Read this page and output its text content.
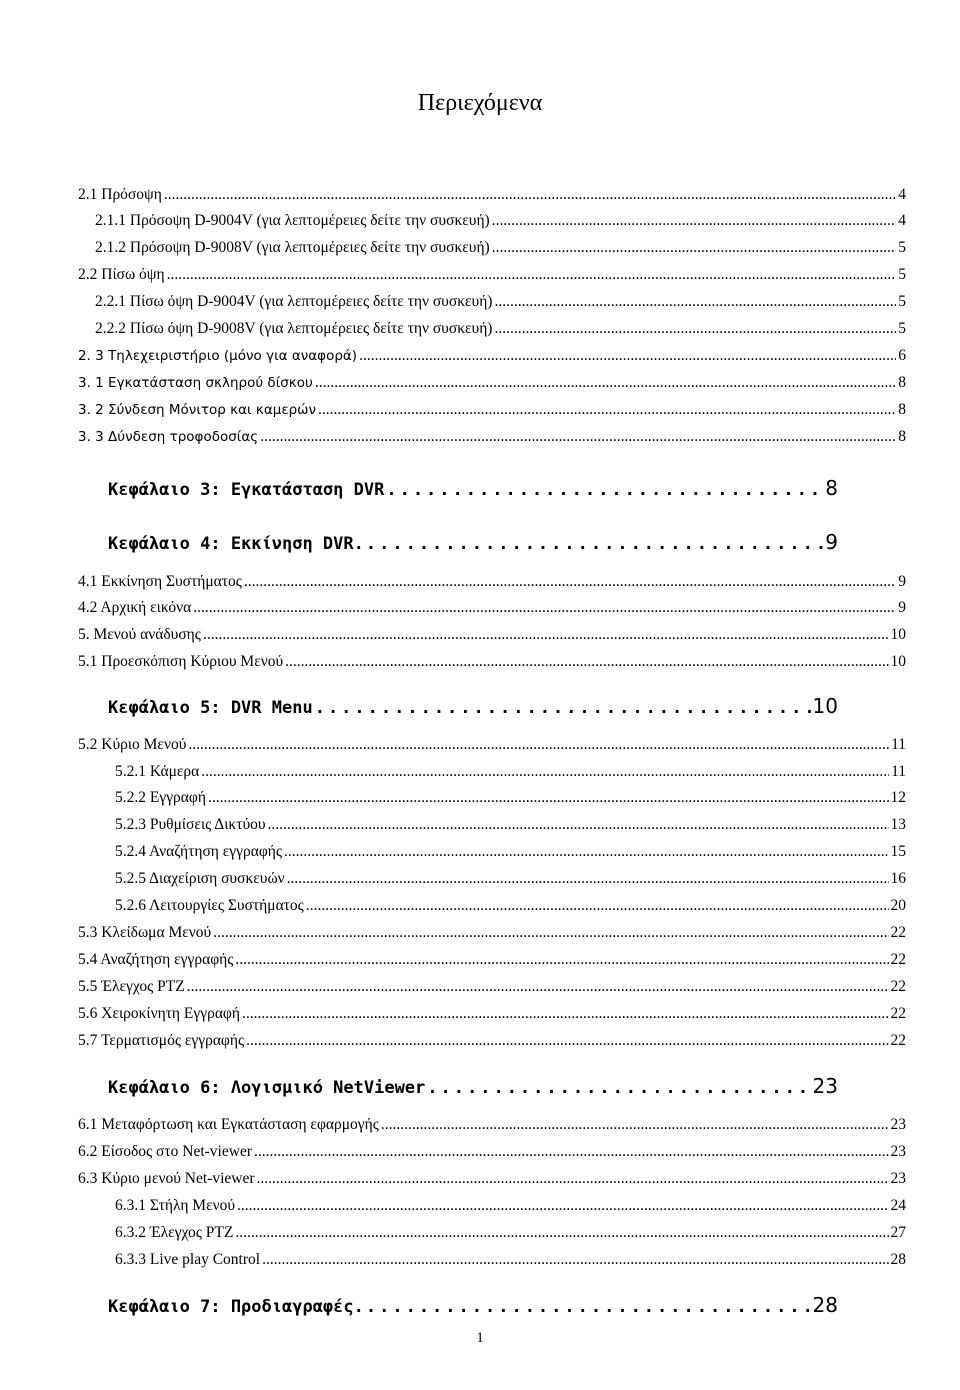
Περιεχόμενα
2.1 Πρόσοψη .....	4
2.1.1 Πρόσοψη D-9004V (για λεπτομέρειες δείτε την συσκευή) .....	4
2.1.2 Πρόσοψη D-9008V (για λεπτομέρειες δείτε την συσκευή) .....	5
2.2 Πίσω όψη .....	5
2.2.1 Πίσω όψη D-9004V (για λεπτομέρειες δείτε την συσκευή) .....	5
2.2.2 Πίσω όψη D-9008V (για λεπτομέρειες δείτε την συσκευή) .....	5
2. 3 Τηλεχειριστήριο (μόνο για αναφορά) .....	6
3. 1 Εγκατάσταση σκληρού δίσκου .....	8
3. 2 Σύνδεση Μόνιτορ και καμερών .....	8
3. 3 Δύνδεση τροφοδοσίας .....	8
Κεφάλαιο 3: Εγκατάσταση DVR .....	8
Κεφάλαιο 4: Εκκίνηση DVR. .....	9
4.1 Εκκίνηση Συστήματος .....	9
4.2 Αρχική εικόνα .....	9
5. Μενού ανάδυσης .....	10
5.1 Προεσκόπιση Κύριου Μενού .....	10
Κεφάλαιο 5: DVR Menu .....	10
5.2 Κύριο Μενού .....	11
5.2.1 Κάμερα .....	11
5.2.2 Εγγραφή .....	12
5.2.3 Ρυθμίσεις Δικτύου .....	13
5.2.4 Αναζήτηση εγγραφής .....	15
5.2.5 Διαχείριση συσκευών .....	16
5.2.6 Λειτουργίες Συστήματος .....	20
5.3 Κλείδωμα Μενού .....	22
5.4 Αναζήτηση εγγραφής .....	22
5.5 Έλεγχος PTZ .....	22
5.6 Χειροκίνητη Εγγραφή .....	22
5.7 Τερματισμός εγγραφής .....	22
Κεφάλαιο 6: Λογισμικό NetViewer .....	23
6.1 Μεταφόρτωση και Εγκατάσταση εφαρμογής .....	23
6.2 Είσοδος στο Net-viewer .....	23
6.3 Κύριο μενού Net-viewer .....	23
6.3.1 Στήλη Μενού .....	24
6.3.2 Έλεγχος PTZ .....	27
6.3.3 Live play Control .....	28
Κεφάλαιο 7: Προδιαγραφές. .....	28
1
